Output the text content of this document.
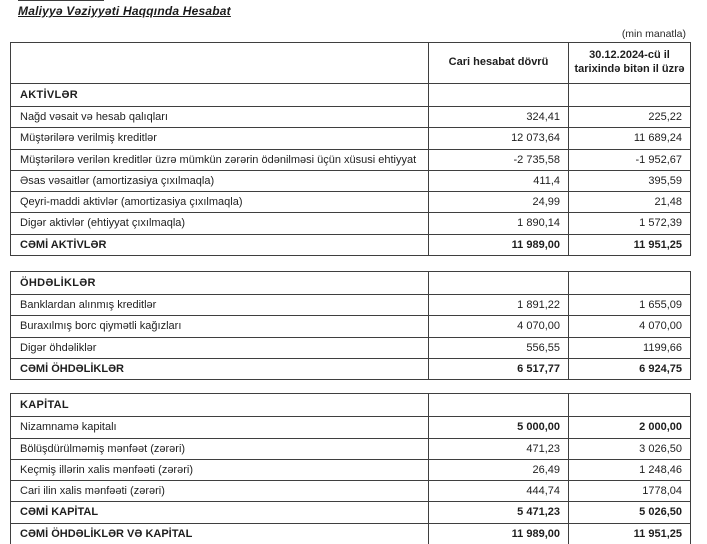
Maliyyə Vəziyyəti Haqqında Hesabat
(min manatla)
	Cari hesabat dövrü	30.12.2024-cü il tarixində bitən il üzrə
AKTİVLƏR		
Nağd vəsait və hesab qalıqları	324,41	225,22
Müştərilərə verilmiş kreditlər	12 073,64	11 689,24
Müştərilərə verilən kreditlər üzrə mümkün zərərin ödənilməsi üçün xüsusi ehtiyyat	-2 735,58	-1 952,67
Əsas vəsaitlər (amortizasiya çıxılmaqla)	411,4	395,59
Qeyri-maddi aktivlər (amortizasiya çıxılmaqla)	24,99	21,48
Digər aktivlər (ehtiyyat çıxılmaqla)	1 890,14	1 572,39
CƏMİ AKTİVLƏR	11 989,00	11 951,25
ÖHDƏLİKLƏR		
Banklardan alınmış kreditlər	1 891,22	1 655,09
Buraxılmış borc qiymətli kağızları	4 070,00	4 070,00
Digər öhdəliklər	556,55	1199,66
CƏMİ ÖHDƏLİKLƏR	6 517,77	6 924,75
KAPİTAL		
Nizamnamə kapitalı	5 000,00	2 000,00
Bölüşdürülməmiş mənfəət (zərəri)	471,23	3 026,50
Keçmiş illərin xalis mənfəəti (zərəri)	26,49	1 248,46
Cari ilin xalis mənfəəti (zərəri)	444,74	1778,04
CƏMİ KAPİTAL	5 471,23	5 026,50
CƏMİ ÖHDƏLİKLƏR VƏ KAPİTAL	11 989,00	11 951,25
